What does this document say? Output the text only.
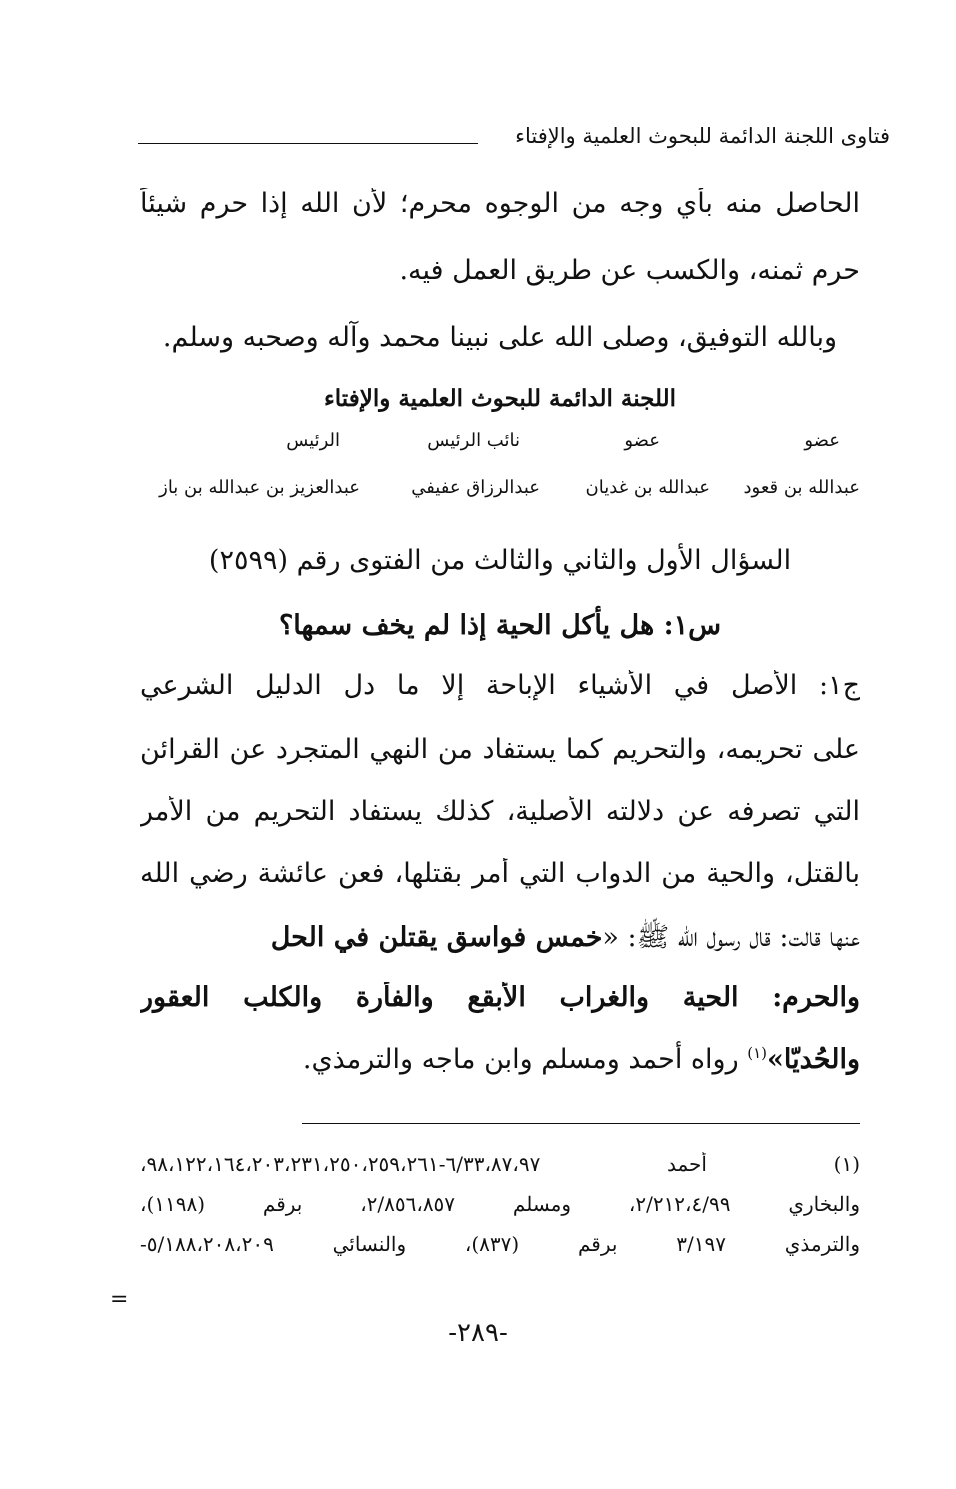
فتاوى اللجنة الدائمة للبحوث العلمية والإفتاء
الحاصل منه بأي وجه من الوجوه محرم؛ لأن الله إذا حرم شيئاً
حرم ثمنه، والكسب عن طريق العمل فيه.
وبالله التوفيق، وصلى الله على نبينا محمد وآله وصحبه وسلم.
اللجنة الدائمة للبحوث العلمية والإفتاء
عضو
عضو
نائب الرئيس
الرئيس
عبدالله بن قعود
عبدالله بن غديان
عبدالرزاق عفيفي
عبدالعزيز بن عبدالله بن باز
السؤال الأول والثاني والثالث من الفتوى رقم (٢٥٩٩)
س١: هل يأكل الحية إذا لم يخف سمها؟
ج١: الأصل في الأشياء الإباحة إلا ما دل الدليل الشرعي
على تحريمه، والتحريم كما يستفاد من النهي المتجرد عن القرائن
التي تصرفه عن دلالته الأصلية، كذلك يستفاد التحريم من الأمر
بالقتل، والحية من الدواب التي أمر بقتلها، فعن عائشة رضي الله
عنها قالت: قال رسول الله ﷺ: «خمس فواسق يقتلن في الحل
والحرم: الحية والغراب الأبقع والفأرة والكلب العقور
والحُديّا»$^{(١)}$ رواه أحمد ومسلم وابن ماجه والترمذي.
(١) أحمد ٦/٣٣،٨٧،٩٧-٩٨،١٢٢،١٦٤،٢٠٣،٢٣١،٢٥٠،٢٥٩،٢٦١،
والبخاري ٢/٢١٢،٤/٩٩، ومسلم ٢/٨٥٦،٨٥٧، برقم (١١٩٨)،
والترمذي ٣/١٩٧ برقم (٨٣٧)، والنسائي ٥/١٨٨،٢٠٨،٢٠٩-
=
-٢٨٩-
